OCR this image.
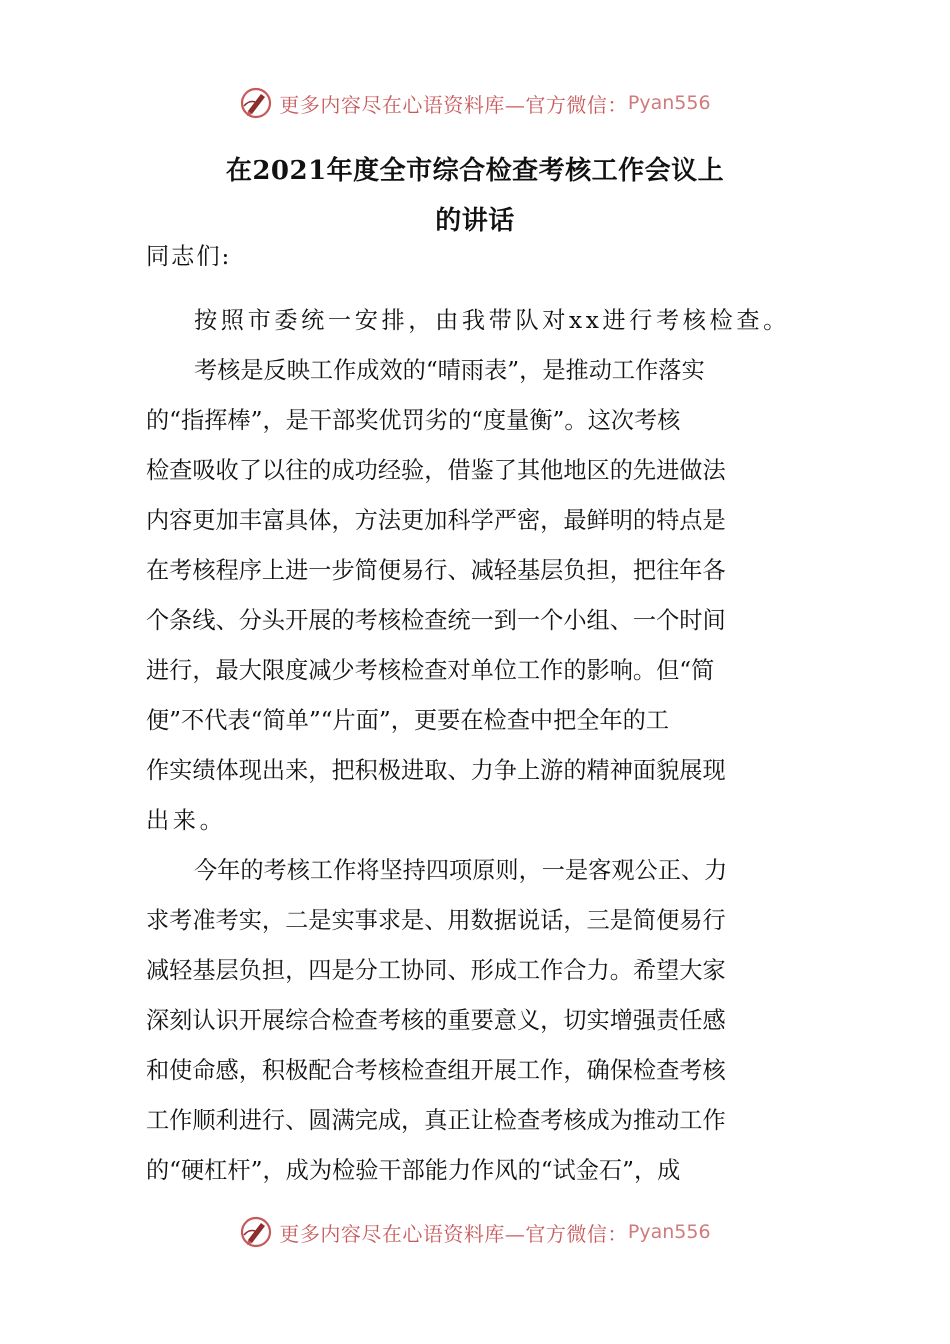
更多内容尽在心语资料库—官方微信： Pyan556
在2021年度全市综合检查考核工作会议上
的讲话
同志们:
按照市委统一安排，由我带队对xx进行考核检查。
考核是反映工作成效的“晴雨表”，是推动工作落实
的“指挥棒”，是干部奖优罚劣的“度量衡”。这次考核
检查吸收了以往的成功经验，借鉴了其他地区的先进做法
内容更加丰富具体，方法更加科学严密，最鲜明的特点是
在考核程序上进一步简便易行、减轻基层负担，把往年各
个条线、分头开展的考核检查统一到一个小组、一个时间
进行，最大限度减少考核检查对单位工作的影响。但“简
便”不代表“简单”“片面”，更要在检查中把全年的工
作实绩体现出来，把积极进取、力争上游的精神面貌展现
出来。
今年的考核工作将坚持四项原则，一是客观公正、力
求考准考实，二是实事求是、用数据说话，三是简便易行
减轻基层负担，四是分工协同、形成工作合力。希望大家
深刻认识开展综合检查考核的重要意义，切实增强责任感
和使命感，积极配合考核检查组开展工作，确保检查考核
工作顺利进行、圆满完成，真正让检查考核成为推动工作
的“硬杠杆”，成为检验干部能力作风的“试金石”，成
更多内容尽在心语资料库—官方微信： Pyan556
